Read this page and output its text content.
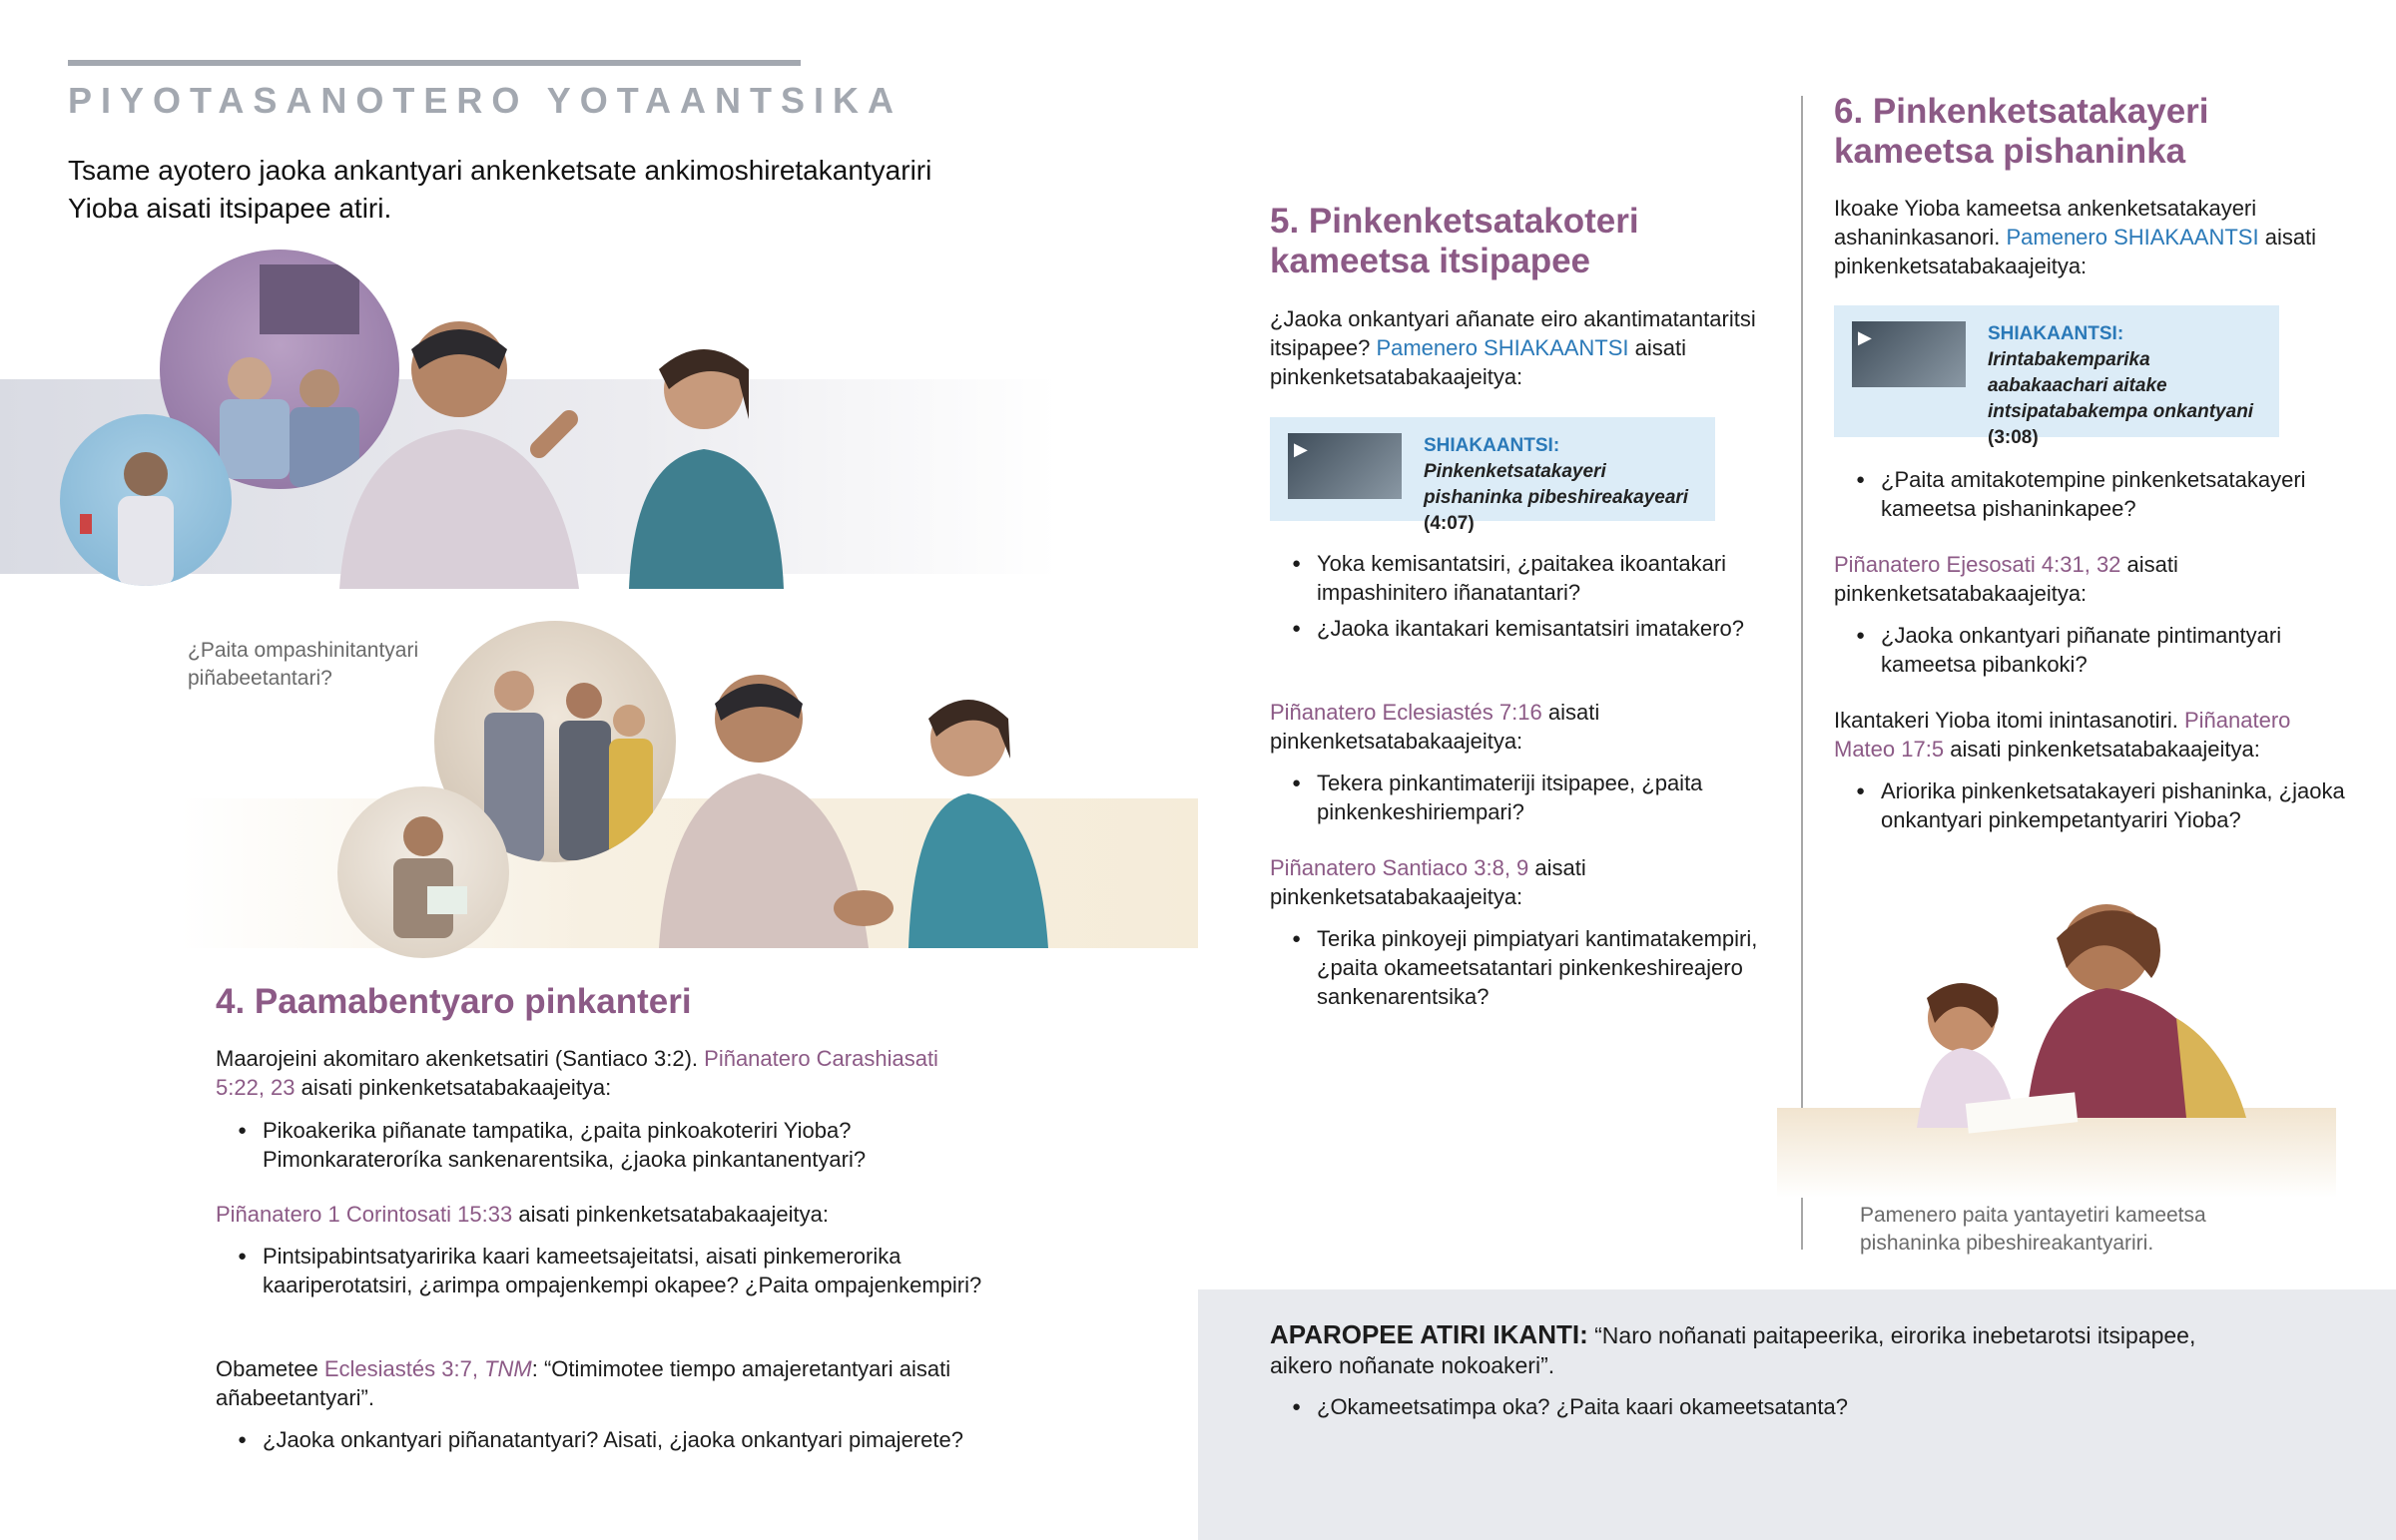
PIYOTASANOTERO YOTAANTSIKA
Tsame ayotero jaoka ankantyari ankenketsate ankimoshiretakantyariri Yioba aisati itsipapee atiri.
¿Paita ompashinitantyari piñabeetantari?
4. Paamabentyaro pinkanteri
Maarojeini akomitaro akenketsatiri (Santiaco 3:2). Piñanatero Carashiasati 5:22, 23 aisati pinkenketsatabakaajeitya:
● Pikoakerika piñanate tampatika, ¿paita pinkoakoteriri Yioba? Pimonkarateroríka sankenarentsika, ¿jaoka pinkantanentyari?
Piñanatero 1 Corintosati 15:33 aisati pinkenketsatabakaajeitya:
● Pintsipabintsatyaririka kaari kameetsajeitatsi, aisati pinkemerorika kaariperotatsiri, ¿arimpa ompajenkempi okapee? ¿Paita ompajenkempiri?
Obametee Eclesiastés 3:7, TNM: “Otimimotee tiempo amajeretantyari aisati añabeetantyari”.
● ¿Jaoka onkantyari piñanatantyari? Aisati, ¿jaoka onkantyari pimajerete?
5. Pinkenketsatakoteri kameetsa itsipapee
¿Jaoka onkantyari añanate eiro akantimatantaritsi itsipapee? Pamenero SHIAKAANTSI aisati pinkenketsatabakaajeitya:
▶	SHIAKAANTSI: Pinkenketsatakayeri pishaninka pibeshireakayeari (4:07)
● Yoka kemisantatsiri, ¿paitakea ikoantakari impashinitero iñanatantari?
● ¿Jaoka ikantakari kemisantatsiri imatakero?
Piñanatero Eclesiastés 7:16 aisati pinkenketsatabakaajeitya:
● Tekera pinkantimateriji itsipapee, ¿paita pinkenkeshiriempari?
Piñanatero Santiaco 3:8, 9 aisati pinkenketsatabakaajeitya:
● Terika pinkoyeji pimpiatyari kantimatakempiri, ¿paita okameetsatantari pinkenkeshireajero sankenarentsika?
6. Pinkenketsatakayeri kameetsa pishaninka
Ikoake Yioba kameetsa ankenketsatakayeri ashaninkasanori. Pamenero SHIAKAANTSI aisati pinkenketsatabakaajeitya:
▶	SHIAKAANTSI: Irintabakemparika aabakaachari aitake intsipatabakempa onkantyani (3:08)
● ¿Paita amitakotempine pinkenketsatakayeri kameetsa pishaninkapee?
Piñanatero Ejesosati 4:31, 32 aisati pinkenketsatabakaajeitya:
● ¿Jaoka onkantyari piñanate pintimantyari kameetsa pibankoki?
Ikantakeri Yioba itomi inintasanotiri. Piñanatero Mateo 17:5 aisati pinkenketsatabakaajeitya:
● Ariorika pinkenketsatakayeri pishaninka, ¿jaoka onkantyari pinkempetantyariri Yioba?
Pamenero paita yantayetiri kameetsa pishaninka pibeshireakantyariri.
APAROPEE ATIRI IKANTI: “Naro noñanati paitapeerika, eirorika inebetarotsi itsipapee, aikero noñanate nokoakeri”.
● ¿Okameetsatimpa oka? ¿Paita kaari okameetsatanta?
